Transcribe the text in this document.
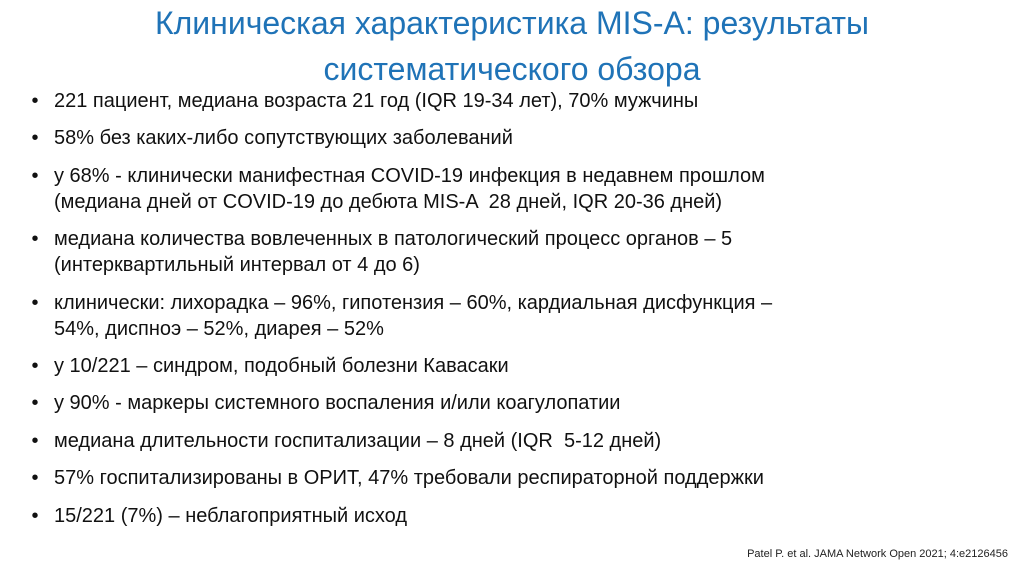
Клиническая характеристика MIS-A: результаты
систематического обзора
• 221 пациент, медиана возраста 21 год (IQR 19-34 лет), 70% мужчины
• 58% без каких-либо сопутствующих заболеваний
• у 68% - клинически манифестная COVID-19 инфекция в недавнем прошлом
(медиана дней от COVID-19 до дебюта MIS-A  28 дней, IQR 20-36 дней)
• медиана количества вовлеченных в патологический процесс органов – 5
(интерквартильный интервал от 4 до 6)
• клинически: лихорадка – 96%, гипотензия – 60%, кардиальная дисфункция –
54%, диспноэ – 52%, диарея – 52%
• у 10/221 – синдром, подобный болезни Кавасаки
• у 90% - маркеры системного воспаления и/или коагулопатии
• медиана длительности госпитализации – 8 дней (IQR  5-12 дней)
• 57% госпитализированы в ОРИТ, 47% требовали респираторной поддержки
• 15/221 (7%) – неблагоприятный исход
Patel P. et al. JAMA Network Open 2021; 4:e2126456
